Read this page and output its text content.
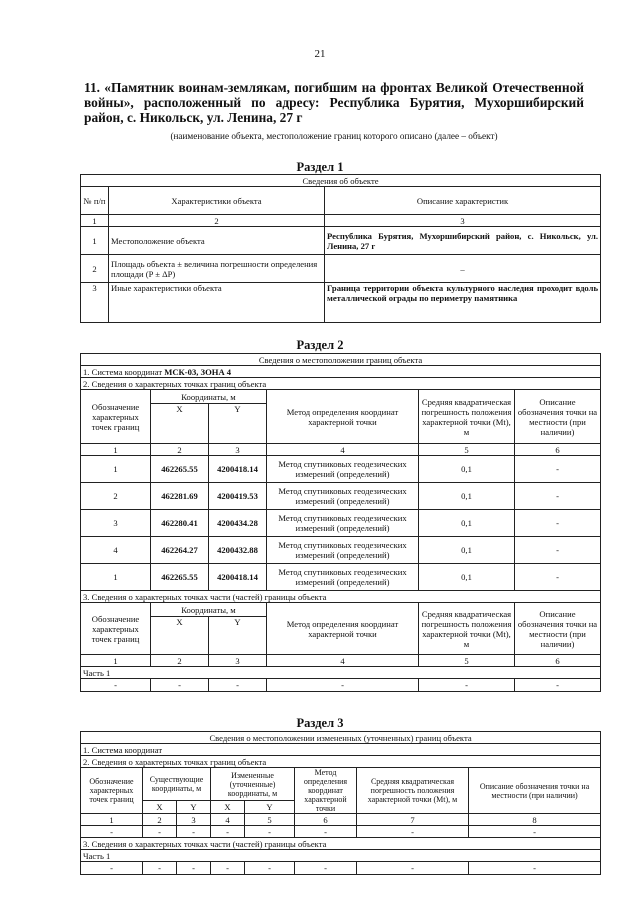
21
11. «Памятник воинам-землякам, погибшим на фронтах Великой Отечественной войны», расположенный по адресу: Республика Бурятия, Мухоршибирский район, с. Никольск, ул. Ленина, 27 г
(наименование объекта, местоположение границ которого описано (далее – объект)
Раздел 1
Сведения об объекте		
№ п/п	Характеристики объекта	Описание характеристик
1	2	3
1	Местоположение объекта	Республика Бурятия, Мухоршибирский район, с. Никольск, ул. Ленина, 27 г
2	Площадь объекта ± величина погрешности определения площади (P ± ΔP)	–
3	Иные характеристики объекта	Граница территории объекта культурного наследия проходит вдоль металлической ограды по периметру памятника
Раздел 2
Сведения о местоположении границ объекта					
1. Система координат МСК-03, ЗОНА 4					
2. Сведения о характерных точках границ объекта					
Обозначение характерных точек границ	Координаты, м		Метод определения координат характерной точки	Средняя квадратическая погрешность положения характерной точки (Mt), м	Описание обозначения точки на местности (при наличии)
	X	Y			
1	2	3	4	5	6
1	462265.55	4200418.14	Метод спутниковых геодезических измерений (определений)	0,1	-
2	462281.69	4200419.53	Метод спутниковых геодезических измерений (определений)	0,1	-
3	462280.41	4200434.28	Метод спутниковых геодезических измерений (определений)	0,1	-
4	462264.27	4200432.88	Метод спутниковых геодезических измерений (определений)	0,1	-
1	462265.55	4200418.14	Метод спутниковых геодезических измерений (определений)	0,1	-
3. Сведения о характерных точках части (частей) границы объекта					
Обозначение характерных точек границ	Координаты, м		Метод определения координат характерной точки	Средняя квадратическая погрешность положения характерной точки (Mt), м	Описание обозначения точки на местности (при наличии)
	X	Y			
1	2	3	4	5	6
Часть 1					
-	-	-	-	-	-
Раздел 3
Сведения о местоположении измененных (уточненных) границ объекта							
1. Система координат							
2. Сведения о характерных точках границ объекта							
Обозначение характерных точек границ	Существующие координаты, м		Измененные (уточненные) координаты, м		Метод определения координат характерной точки	Средняя квадратическая погрешность положения характерной точки (Mt), м	Описание обозначения точки на местности (при наличии)
	X	Y	X	Y			
1	2	3	4	5	6	7	8
-	-	-	-	-	-	-	-
3. Сведения о характерных точках части (частей) границы объекта							
Часть 1							
-	-	-	-	-	-	-	-
